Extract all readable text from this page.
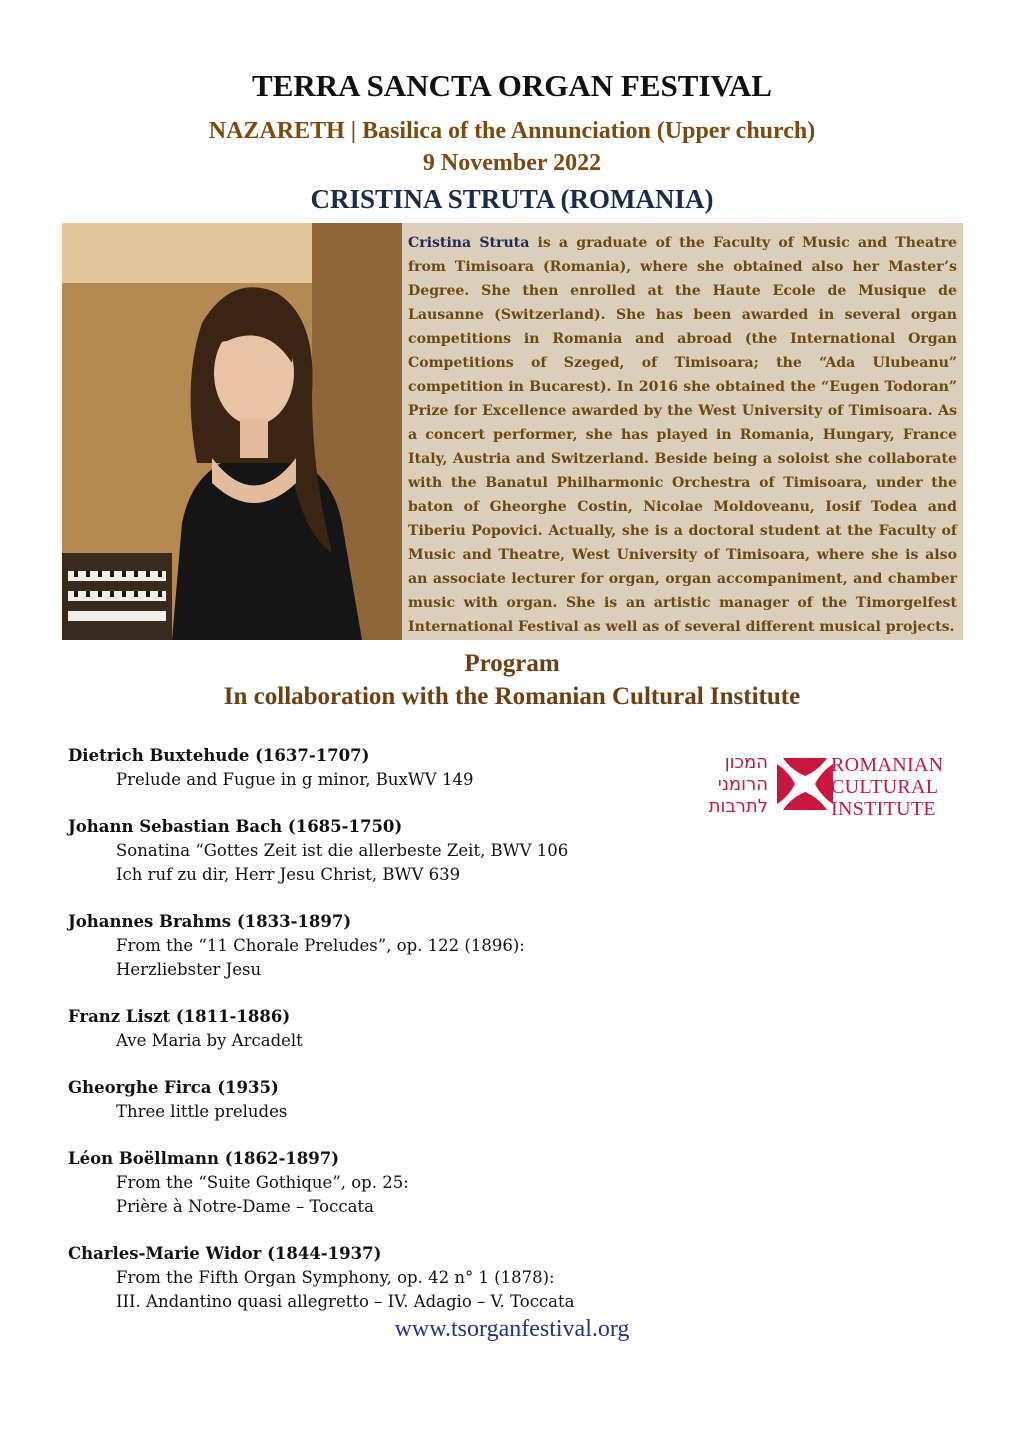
TERRA SANCTA ORGAN FESTIVAL
NAZARETH | Basilica of the Annunciation (Upper church)
9 November 2022
CRISTINA STRUTA (ROMANIA)

Cristina Struta is a graduate of the Faculty of Music and Theatre from Timisoara (Romania), where she obtained also her Master’s Degree. She then enrolled at the Haute Ecole de Musique de Lausanne (Switzerland). She has been awarded in several organ competitions in Romania and abroad (the International Organ Competitions of Szeged, of Timisoara; the “Ada Ulubeanu” competition in Bucarest). In 2016 she obtained the “Eugen Todoran” Prize for Excellence awarded by the West University of Timisoara. As a concert performer, she has played in Romania, Hungary, France Italy, Austria and Switzerland. Beside being a soloist she collaborate with the Banatul Philharmonic Orchestra of Timisoara, under the baton of Gheorghe Costin, Nicolae Moldoveanu, Iosif Todea and Tiberiu Popovici. Actually, she is a doctoral student at the Faculty of Music and Theatre, West University of Timisoara, where she is also an associate lecturer for organ, organ accompaniment, and chamber music with organ. She is an artistic manager of the Timorgelfest International Festival as well as of several different musical projects.

Program
In collaboration with the Romanian Cultural Institute
Dietrich Buxtehude (1637-1707)
Prelude and Fugue in g minor, BuxWV 149
Johann Sebastian Bach (1685-1750)
Sonatina “Gottes Zeit ist die allerbeste Zeit, BWV 106
Ich ruf zu dir, Herr Jesu Christ, BWV 639
Johannes Brahms (1833-1897)
From the “11 Chorale Preludes”, op. 122 (1896):
Herzliebster Jesu
Franz Liszt (1811-1886)
Ave Maria by Arcadelt
Gheorghe Firca (1935)
Three little preludes
Léon Boëllmann (1862-1897)
From the “Suite Gothique”, op. 25:
Prière à Notre-Dame – Toccata
Charles-Marie Widor (1844-1937)
From the Fifth Organ Symphony, op. 42 n° 1 (1878):
III. Andantino quasi allegretto – IV. Adagio – V. Toccata
המכון
הרומני
לתרבות
ROMANIAN
CULTURAL
INSTITUTE
www.tsorganfestival.org
